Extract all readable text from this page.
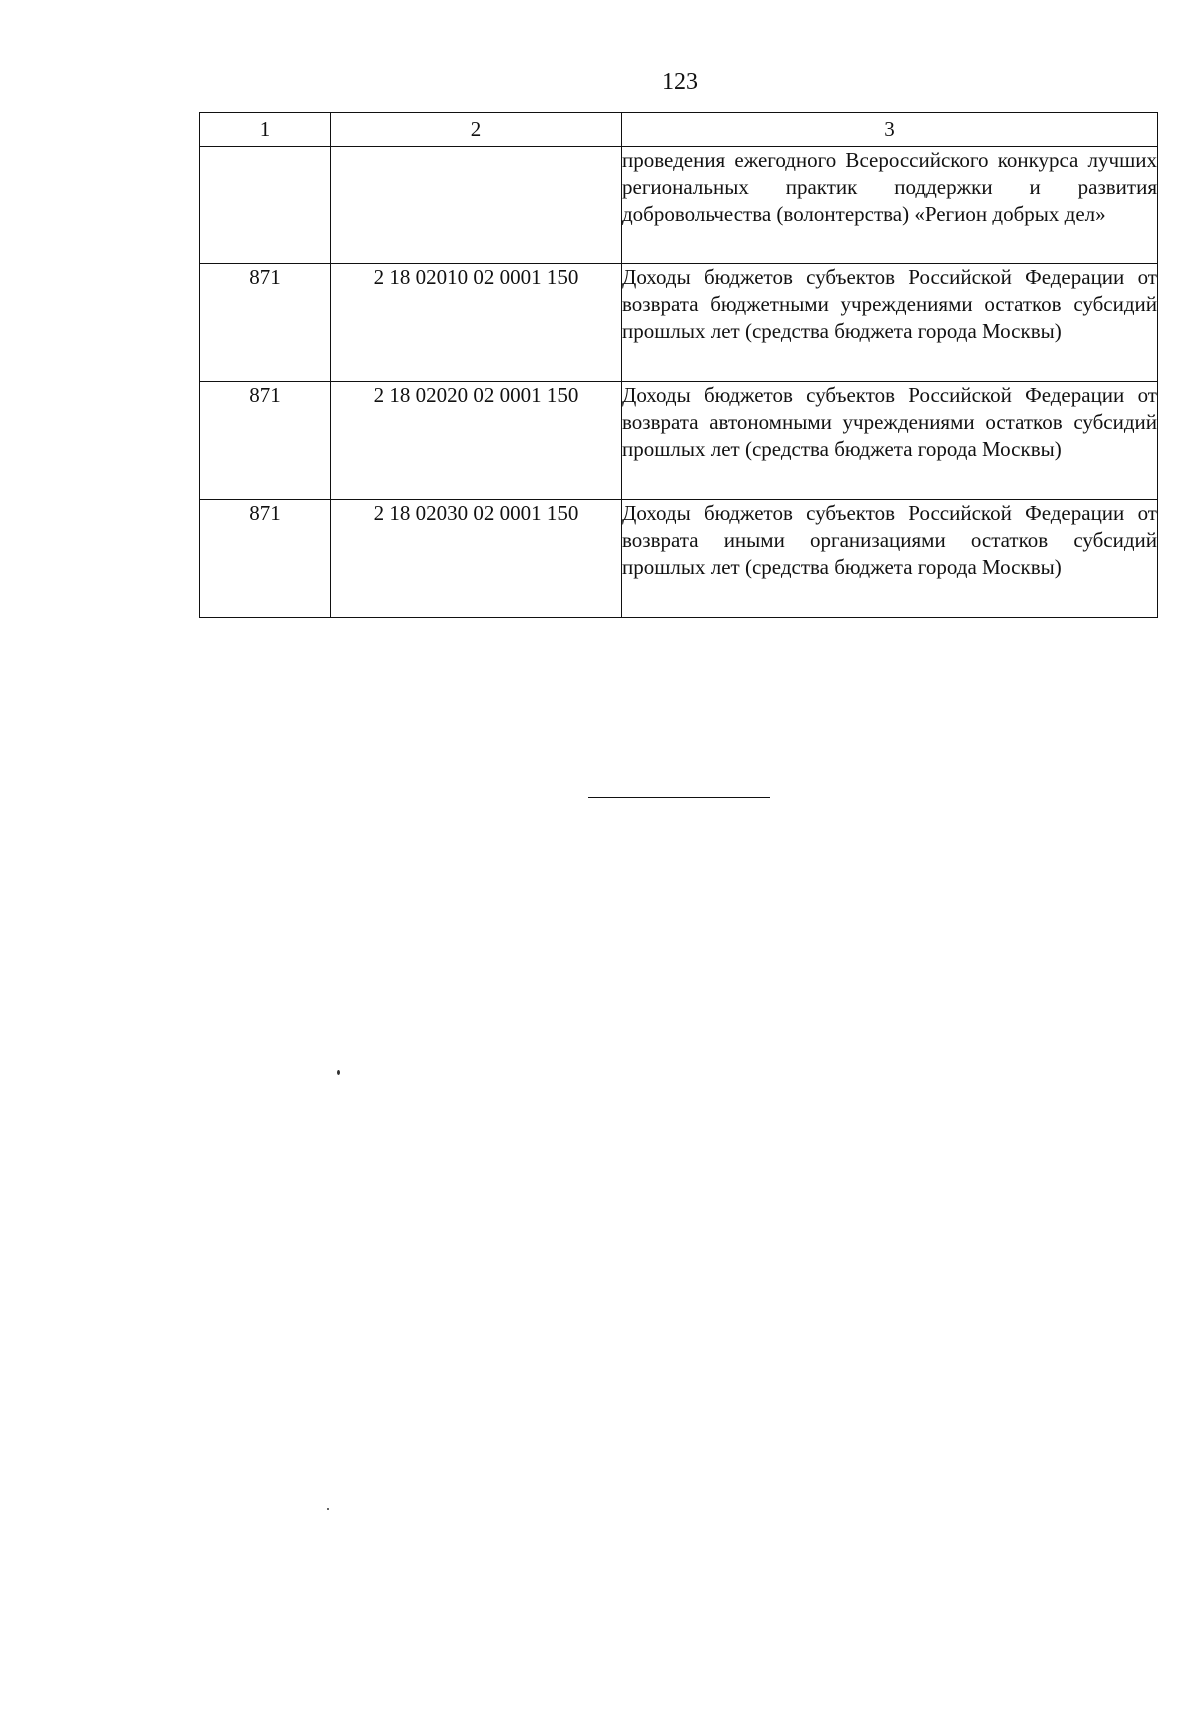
123
1	2	3
		проведения ежегодного Всероссийского конкурса лучших региональных практик поддержки и развития добровольчества (волонтерства) «Регион добрых дел»
871	2 18 02010 02 0001 150	Доходы бюджетов субъектов Российской Федерации от возврата бюджетными учреждениями остатков субсидий прошлых лет (средства бюджета города Москвы)
871	2 18 02020 02 0001 150	Доходы бюджетов субъектов Российской Федерации от возврата автономными учреждениями остатков субсидий прошлых лет (средства бюджета города Москвы)
871	2 18 02030 02 0001 150	Доходы бюджетов субъектов Российской Федерации от возврата иными организациями остатков субсидий прошлых лет (средства бюджета города Москвы)
